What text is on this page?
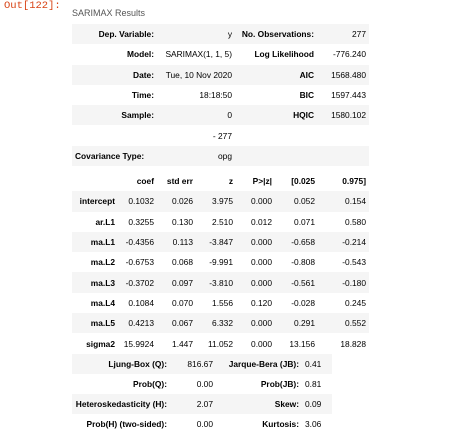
Out[122]:
SARIMAX Results
Dep. Variable:	y	No. Observations:	277
Model:	SARIMAX(1, 1, 5)	Log Likelihood	-776.240
Date:	Tue, 10 Nov 2020	AIC	1568.480
Time:	18:18:50	BIC	1597.443
Sample:	0	HQIC	1580.102
	- 277		
Covariance Type:	opg		
	coef	std err	z	P>|z|	[0.025	0.975]
intercept	0.1032	0.026	3.975	0.000	0.052	0.154
ar.L1	0.3255	0.130	2.510	0.012	0.071	0.580
ma.L1	-0.4356	0.113	-3.847	0.000	-0.658	-0.214
ma.L2	-0.6753	0.068	-9.991	0.000	-0.808	-0.543
ma.L3	-0.3702	0.097	-3.810	0.000	-0.561	-0.180
ma.L4	0.1084	0.070	1.556	0.120	-0.028	0.245
ma.L5	0.4213	0.067	6.332	0.000	0.291	0.552
sigma2	15.9924	1.447	11.052	0.000	13.156	18.828
Ljung-Box (Q):	816.67	Jarque-Bera (JB):	0.41
Prob(Q):	0.00	Prob(JB):	0.81
Heteroskedasticity (H):	2.07	Skew:	0.09
Prob(H) (two-sided):	0.00	Kurtosis:	3.06
